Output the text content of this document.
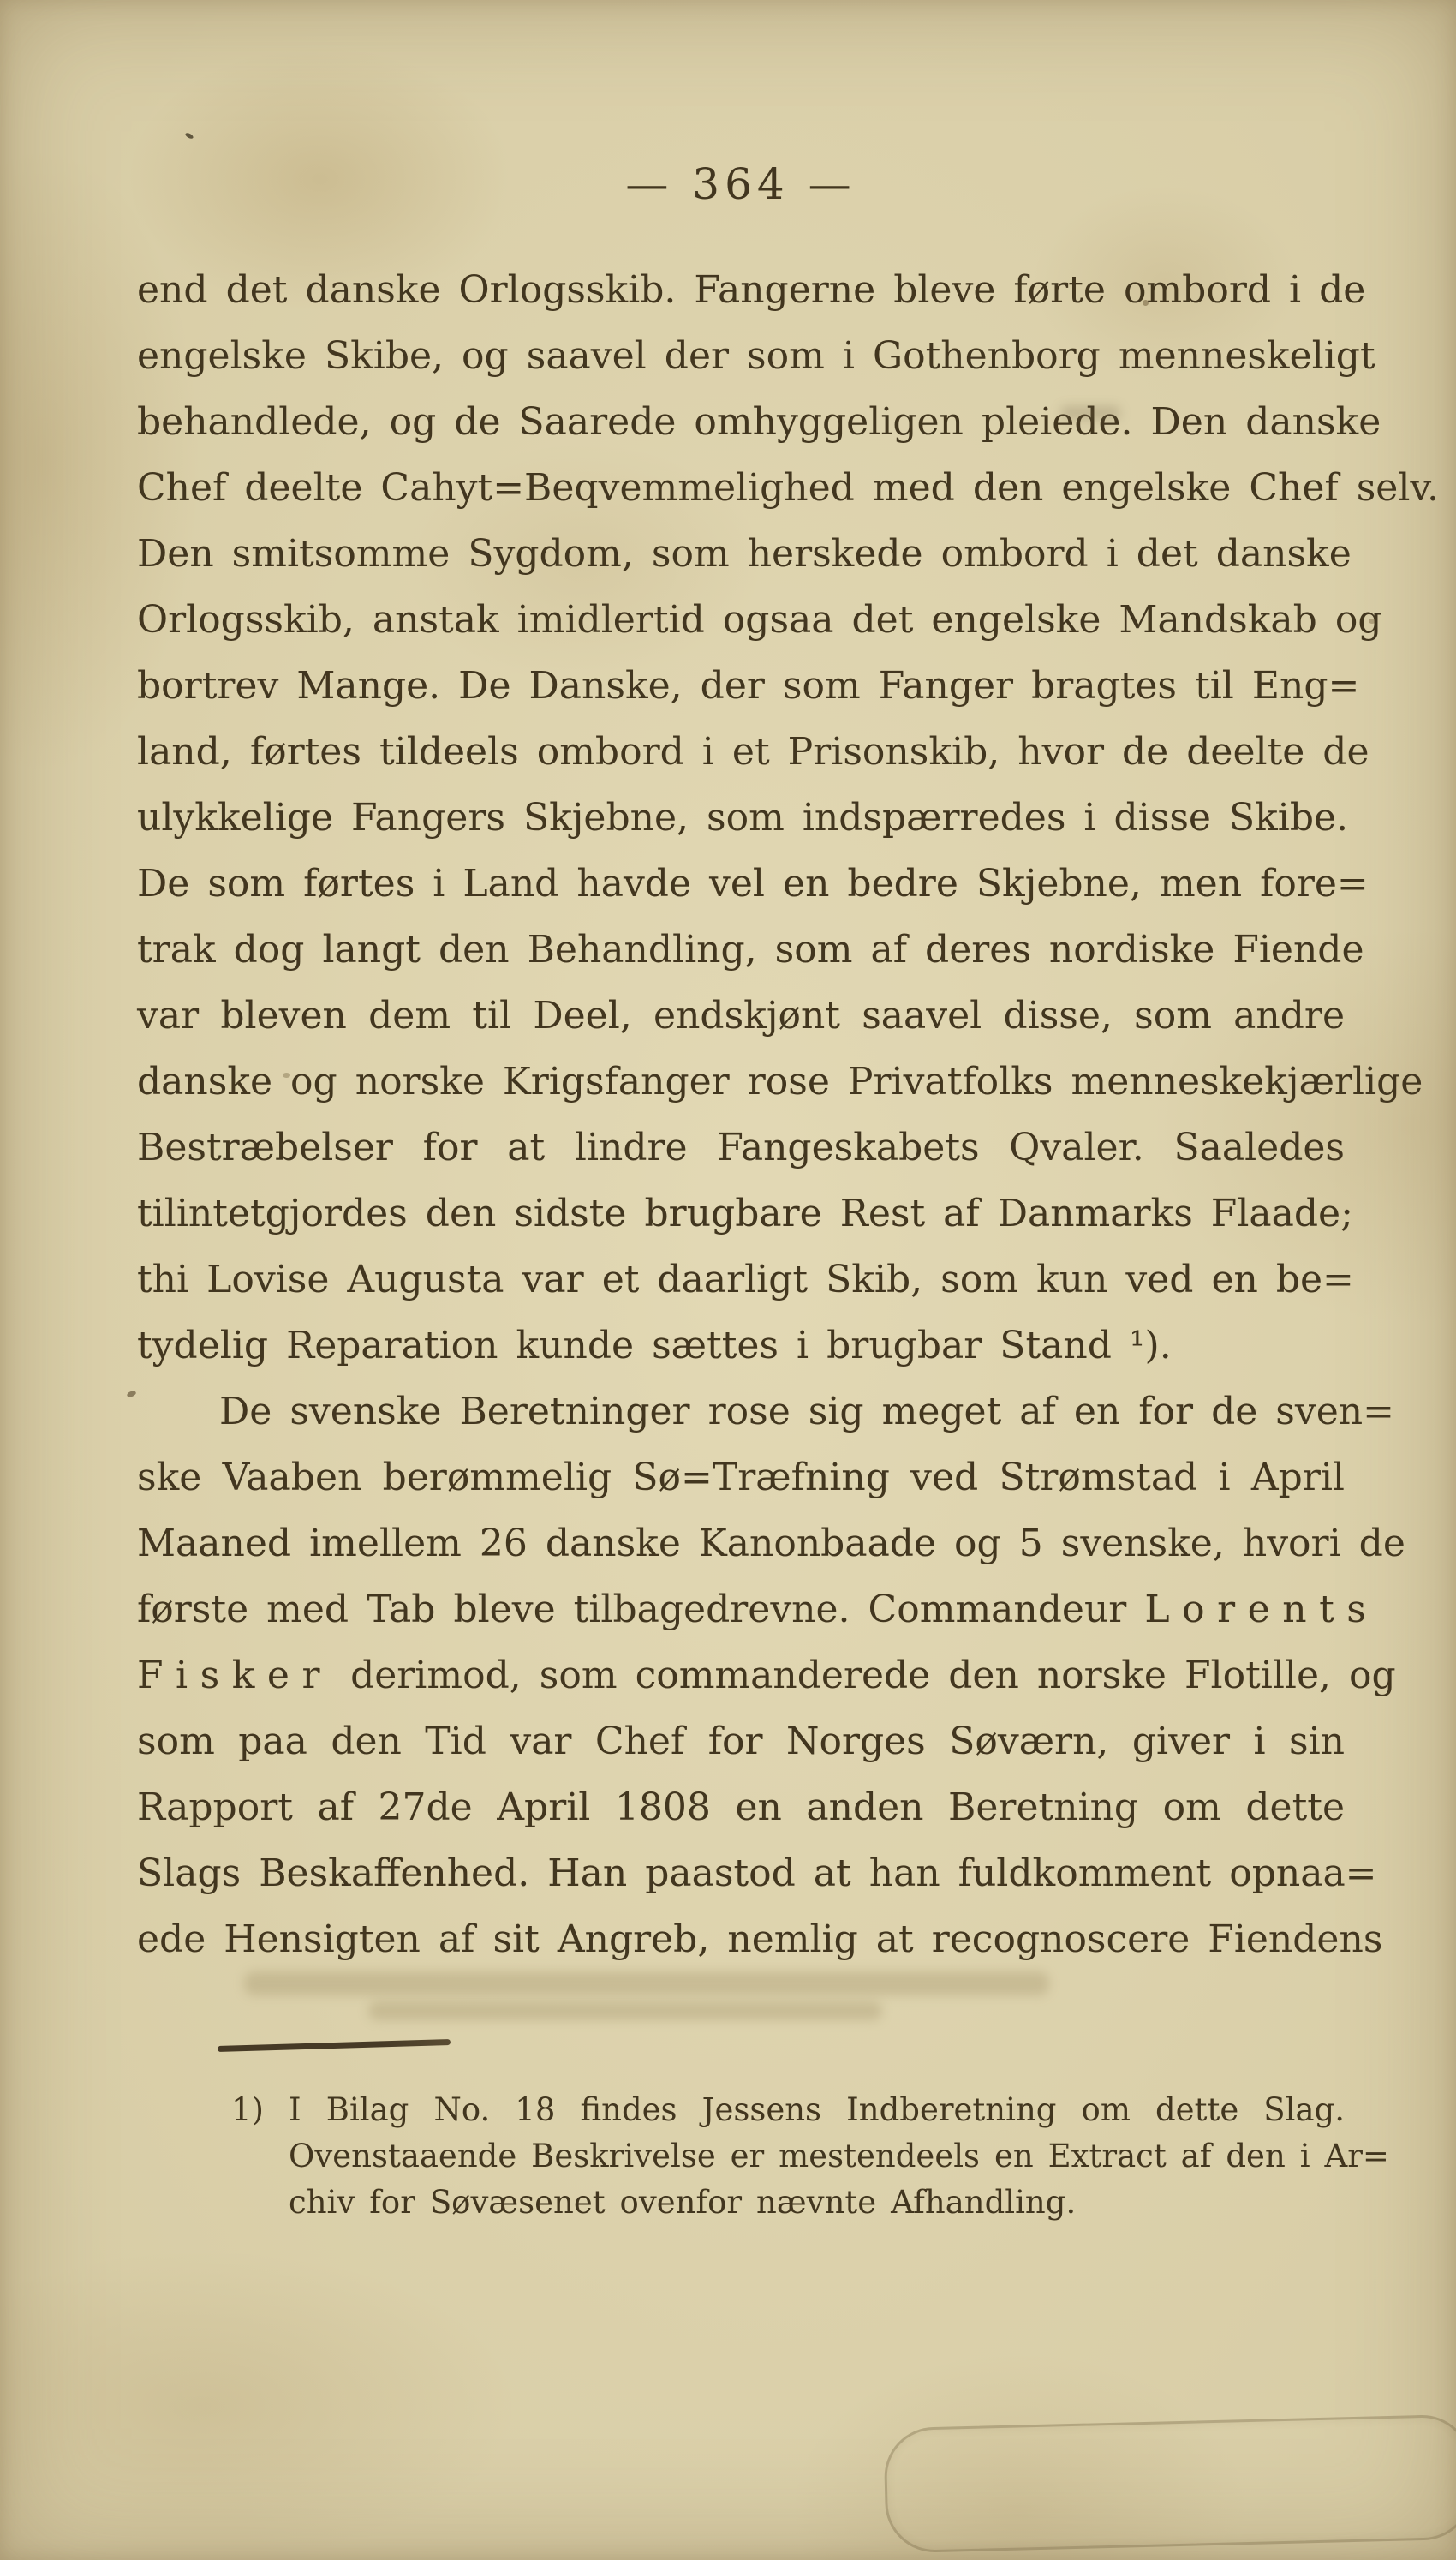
— 364 —
end det danske Orlogsskib. Fangerne bleve førte ombord i de
engelske Skibe, og saavel der som i Gothenborg menneskeligt
behandlede, og de Saarede omhyggeligen pleiede. Den danske
Chef deelte Cahyt=Beqvemmelighed med den engelske Chef selv.
Den smitsomme Sygdom, som herskede ombord i det danske
Orlogsskib, anstak imidlertid ogsaa det engelske Mandskab og
bortrev Mange. De Danske, der som Fanger bragtes til Eng=
land, førtes tildeels ombord i et Prisonskib, hvor de deelte de
ulykkelige Fangers Skjebne, som indspærredes i disse Skibe.
De som førtes i Land havde vel en bedre Skjebne, men fore=
trak dog langt den Behandling, som af deres nordiske Fiende
var bleven dem til Deel, endskjønt saavel disse, som andre
danske og norske Krigsfanger rose Privatfolks menneskekjærlige
Bestræbelser for at lindre Fangeskabets Qvaler. Saaledes
tilintetgjordes den sidste brugbare Rest af Danmarks Flaade;
thi Lovise Augusta var et daarligt Skib, som kun ved en be=
tydelig Reparation kunde sættes i brugbar Stand ¹).
De svenske Beretninger rose sig meget af en for de sven=
ske Vaaben berømmelig Sø=Træfning ved Strømstad i April
Maaned imellem 26 danske Kanonbaade og 5 svenske, hvori de
første med Tab bleve tilbagedrevne. Commandeur Lorents
Fisker derimod, som commanderede den norske Flotille, og
som paa den Tid var Chef for Norges Søværn, giver i sin
Rapport af 27de April 1808 en anden Beretning om dette
Slags Beskaffenhed. Han paastod at han fuldkomment opnaa=
ede Hensigten af sit Angreb, nemlig at recognoscere Fiendens
1) I Bilag No. 18 findes Jessens Indberetning om dette Slag.
Ovenstaaende Beskrivelse er mestendeels en Extract af den i Ar=
chiv for Søvæsenet ovenfor nævnte Afhandling.
